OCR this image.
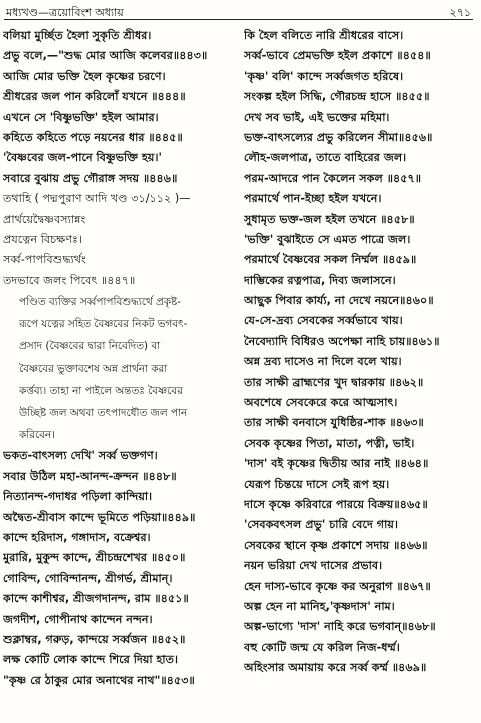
মধ্যখণ্ড—ত্রয়োবিংশ অধ্যায়	২৭১
বলিয়া মুর্চ্ছিত হৈলা সুকৃতি শ্রীধর।
প্রভু বলে,—"শুদ্ধ মোর আজি কলেবর॥৪৪৩॥
আজি মোর ভক্তি হৈল কৃষ্ণের চরণে।
শ্রীধরের জল পান করিলোঁ যখনে ॥৪৪৪॥
এখনে সে 'বিষ্ণুভক্তি' হইল আমার।
কহিতে কহিতে পড়ে নয়নের ধার ॥৪৪৫॥
'বৈষ্ণবের জল-পানে বিষ্ণুভক্তি হয়।'
সবারে বুঝায় প্রভু গৌরাঙ্গ সদয় ॥৪৪৬॥
তথাহি ( পদ্মপুরাণ আদি খণ্ড ৩১/১১২ )—
প্রার্থয়েদ্বৈষ্ণবস্যান্নং
প্রযত্নেন বিচক্ষণঃ।
সর্ব্ব-পাপবিশুদ্ধ্যর্থং
তদভাবে জলং পিবেৎ ॥৪৪৭॥
পণ্ডিত ব্যক্তির সর্ব্বপাপবিশুদ্ধ্যর্থে প্রকৃষ্ট-
রূপে যত্নের সহিত বৈষ্ণবের নিকট ভগবৎ-
প্রসাদ (বৈষ্ণবের দ্বারা নিবেদিত) বা
বৈষ্ণবের ভুক্তাবশেষ অন্ন প্রার্থনা করা
কর্ত্তব্য। তাহা না পাইলে অন্ততঃ বৈষ্ণবের
উচ্ছিষ্ট জল অথবা তৎপাদধৌত জল পান
করিবেন।
ভকত-বাৎসল্য দেখি' সর্ব্ব ভক্তগণ।
সবার উঠিল মহা-আনন্দ-ক্রন্দন ॥৪৪৮॥
নিত্যানন্দ-গদাধর পড়িলা কান্দিয়া।
অদ্বৈত-শ্রীবাস কান্দে ভূমিতে পড়িয়া॥৪৪৯॥
কান্দে হরিদাস, গঙ্গাদাস, বক্রেশ্বর।
মুরারি, মুকুন্দ কান্দে, শ্রীচন্দ্রশেখর ॥৪৫০॥
গোবিন্দ, গোবিন্দানন্দ, শ্রীগর্ভ, শ্রীমান্।
কান্দে কাশীশ্বর, শ্রীজগদানন্দ, রাম ॥৪৫১॥
জগদীশ, গোপীনাথ কান্দেন নন্দন।
শুক্লাম্বর, গরুড়, কান্দয়ে সর্ব্বজন ॥৪৫২॥
লক্ষ কোটি লোক কান্দে শিরে দিয়া হাত।
"কৃষ্ণ রে ঠাকুর মোর অনাথের নাথ"॥৪৫৩॥
কি হৈল বলিতে নারি শ্রীধরের বাসে।
সর্ব্ব-ভাবে প্রেমভক্তি হইল প্রকাশে ॥৪৫৪॥
'কৃষ্ণ' বলি' কান্দে সর্ব্বজগত হরিষে।
সংকল্প হইল সিদ্ধি, গৌরচন্দ্র হাসে ॥৪৫৫॥
দেখ সব ভাই, এই ভক্তের মহিমা।
ভক্ত-বাৎসল্যের প্রভু করিলেন সীমা॥৪৫৬॥
লৌহ-জলপাত্র, তাতে বাহিরের জল।
পরম-আদরে পান কৈলেন সকল ॥৪৫৭॥
পরমার্থে পান-ইচ্ছা হইল যখনে।
সুধামৃত ভক্ত-জল হইল তখনে ॥৪৫৮॥
'ভক্তি' বুঝাইতে সে এমত পাত্রে জল।
পরমার্থে বৈষ্ণবের সকল নির্ম্মল ॥৪৫৯॥
দাম্ভিকের রত্নপাত্র, দিব্য জলাসনে।
আছুক পিবার কার্য্য, না দেখে নয়নে॥৪৬০॥
যে-সে-দ্রব্য সেবকের সর্ব্বভাবে খায়।
নৈবেদ্যাদি বিধিরও অপেক্ষা নাহি চায়॥৪৬১॥
অন্ন দ্রব্য দাসেও না দিলে বলে খায়।
তার সাক্ষী ব্রাহ্মণের খুদ দ্বারকায় ॥৪৬২॥
অবশেষে সেবকেরে করে আত্মসাৎ।
তার সাক্ষী বনবাসে যুধিষ্ঠির-শাক ॥৪৬৩॥
সেবক কৃষ্ণের পিতা, মাতা, পত্নী, ভাই।
'দাস' বই কৃষ্ণের দ্বিতীয় আর নাই ॥৪৬৪॥
যেরূপ চিন্তয়ে দাসে সেই রূপ হয়।
দাসে কৃষ্ণে করিবারে পারয়ে বিক্রয়॥৪৬৫॥
'সেবকবৎসল প্রভু' চারি বেদে গায়।
সেবকের স্থানে কৃষ্ণ প্রকাশে সদায় ॥৪৬৬॥
নয়ন ভরিয়া দেখ দাসের প্রভাব।
হেন দাস্য-ভাবে কৃষ্ণে কর অনুরাগ ॥৪৬৭॥
অল্প হেন না মানিহ,'কৃষ্ণদাস' নাম।
অল্প-ভাগ্যে 'দাস' নাহি করে ভগবান্‌॥৪৬৮॥
বহু কোটি জন্ম যে করিল নিজ-ধর্ম্ম।
অহিংসার অমায়ায় করে সর্ব্ব কর্ম্ম ॥৪৬৯॥
